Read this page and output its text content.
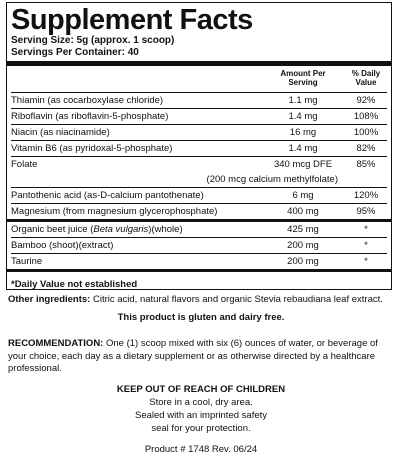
Supplement Facts
Serving Size: 5g (approx. 1 scoop)
Servings Per Container: 40
Amount Per Serving
% Daily Value
Thiamin (as cocarboxylase chloride)	1.1 mg	92%
Riboflavin (as riboflavin-5-phosphate)	1.4 mg	108%
Niacin (as niacinamide)	16 mg	100%
Vitamin B6 (as pyridoxal-5-phosphate)	1.4 mg	82%
Folate	340 mcg DFE	85%
(200 mcg calcium methylfolate)
Pantothenic acid (as-D-calcium pantothenate)	6 mg	120%
Magnesium (from magnesium glycerophosphate)	400 mg	95%
Organic beet juice (Beta vulgaris)(whole)	425 mg	*
Bamboo (shoot)(extract)	200 mg	*
Taurine	200 mg	*
*Daily Value not established
Other ingredients: Citric acid, natural flavors and organic Stevia rebaudiana leaf extract.
This product is gluten and dairy free.
RECOMMENDATION: One (1) scoop mixed with six (6) ounces of water, or beverage of your choice, each day as a dietary supplement or as otherwise directed by a healthcare professional.
KEEP OUT OF REACH OF CHILDREN
Store in a cool, dry area.
Sealed with an imprinted safety
seal for your protection.
Product # 1748 Rev. 06/24
